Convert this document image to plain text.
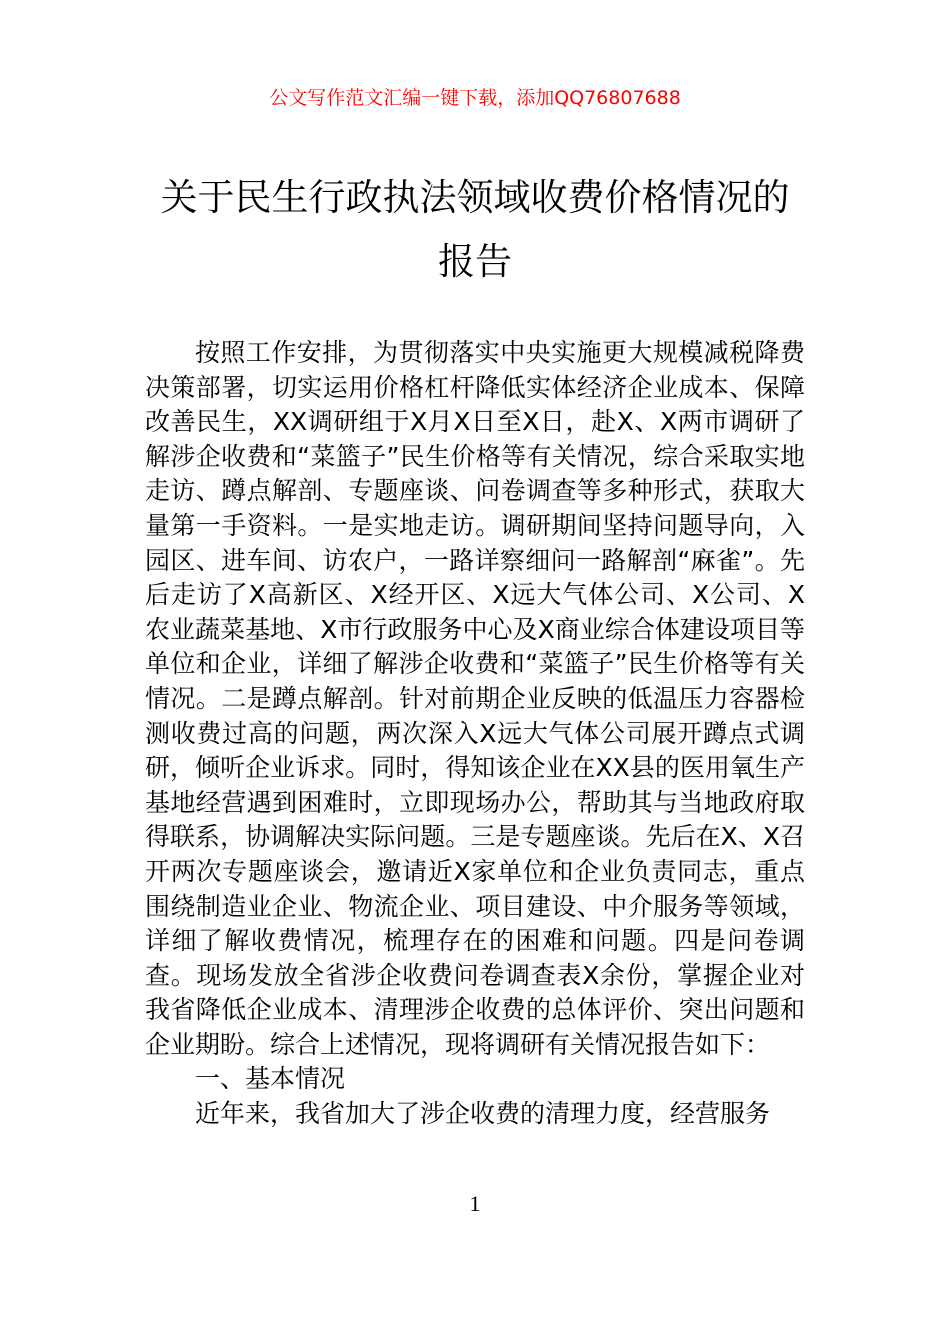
公文写作范文汇编一键下载，添加QQ76807688
关于民生行政执法领域收费价格情况的报告

按照工作安排，为贯彻落实中央实施更大规模减税降费决策部署，切实运用价格杠杆降低实体经济企业成本、保障改善民生，XX调研组于X月X日至X日，赴X、X两市调研了解涉企收费和“菜篮子”民生价格等有关情况，综合采取实地走访、蹲点解剖、专题座谈、问卷调查等多种形式，获取大量第一手资料。一是实地走访。调研期间坚持问题导向，入园区、进车间、访农户，一路详察细问一路解剖“麻雀”。先后走访了X高新区、X经开区、X远大气体公司、X公司、X农业蔬菜基地、X市行政服务中心及X商业综合体建设项目等单位和企业，详细了解涉企收费和“菜篮子”民生价格等有关情况。二是蹲点解剖。针对前期企业反映的低温压力容器检测收费过高的问题，两次深入X远大气体公司展开蹲点式调研，倾听企业诉求。同时，得知该企业在XX县的医用氧生产基地经营遇到困难时，立即现场办公，帮助其与当地政府取得联系，协调解决实际问题。三是专题座谈。先后在X、X召开两次专题座谈会，邀请近X家单位和企业负责同志，重点围绕制造业企业、物流企业、项目建设、中介服务等领域，详细了解收费情况，梳理存在的困难和问题。四是问卷调查。现场发放全省涉企收费问卷调查表X余份，掌握企业对我省降低企业成本、清理涉企收费的总体评价、突出问题和企业期盼。综合上述情况，现将调研有关情况报告如下：

一、基本情况

近年来，我省加大了涉企收费的清理力度，经营服务

1
